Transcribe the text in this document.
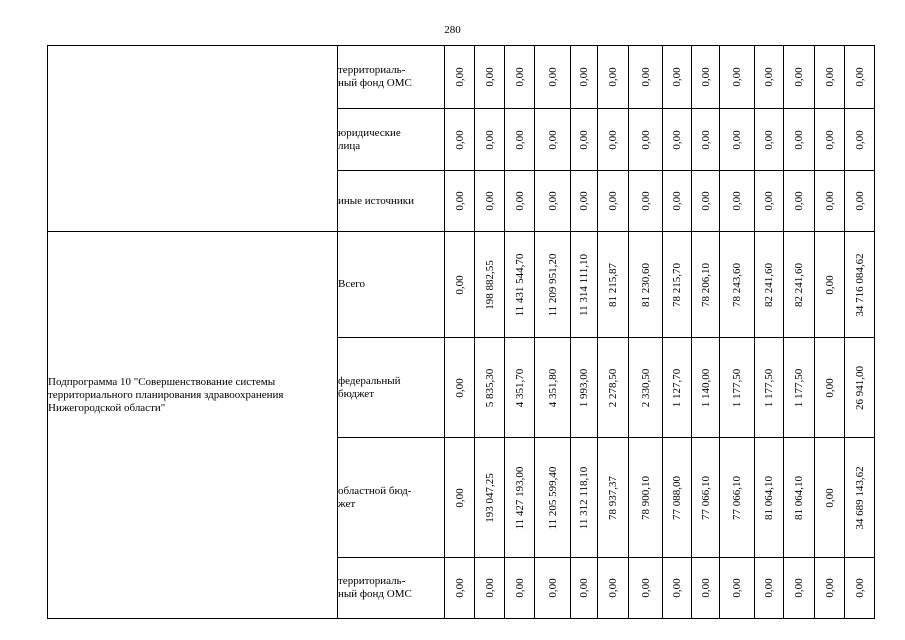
280
	территориаль-
ный фонд ОМС	0,00	0,00	0,00	0,00	0,00	0,00	0,00	0,00	0,00	0,00	0,00	0,00	0,00	0,00

	юридические
лица	0,00	0,00	0,00	0,00	0,00	0,00	0,00	0,00	0,00	0,00	0,00	0,00	0,00	0,00

	иные источники	0,00	0,00	0,00	0,00	0,00	0,00	0,00	0,00	0,00	0,00	0,00	0,00	0,00	0,00

Подпрограмма 10 "Совершенствование системы территориального планирования здравоохранения Нижегородской области"	Всего	0,00	198 882,55	11 431 544,70	11 209 951,20	11 314 111,10	81 215,87	81 230,60	78 215,70	78 206,10	78 243,60	82 241,60	82 241,60	0,00	34 716 084,62

	федеральный
бюджет	0,00	5 835,30	4 351,70	4 351,80	1 993,00	2 278,50	2 330,50	1 127,70	1 140,00	1 177,50	1 177,50	1 177,50	0,00	26 941,00

	областной бюд-
жет	0,00	193 047,25	11 427 193,00	11 205 599,40	11 312 118,10	78 937,37	78 900,10	77 088,00	77 066,10	77 066,10	81 064,10	81 064,10	0,00	34 689 143,62

	территориаль-
ный фонд ОМС	0,00	0,00	0,00	0,00	0,00	0,00	0,00	0,00	0,00	0,00	0,00	0,00	0,00	0,00
